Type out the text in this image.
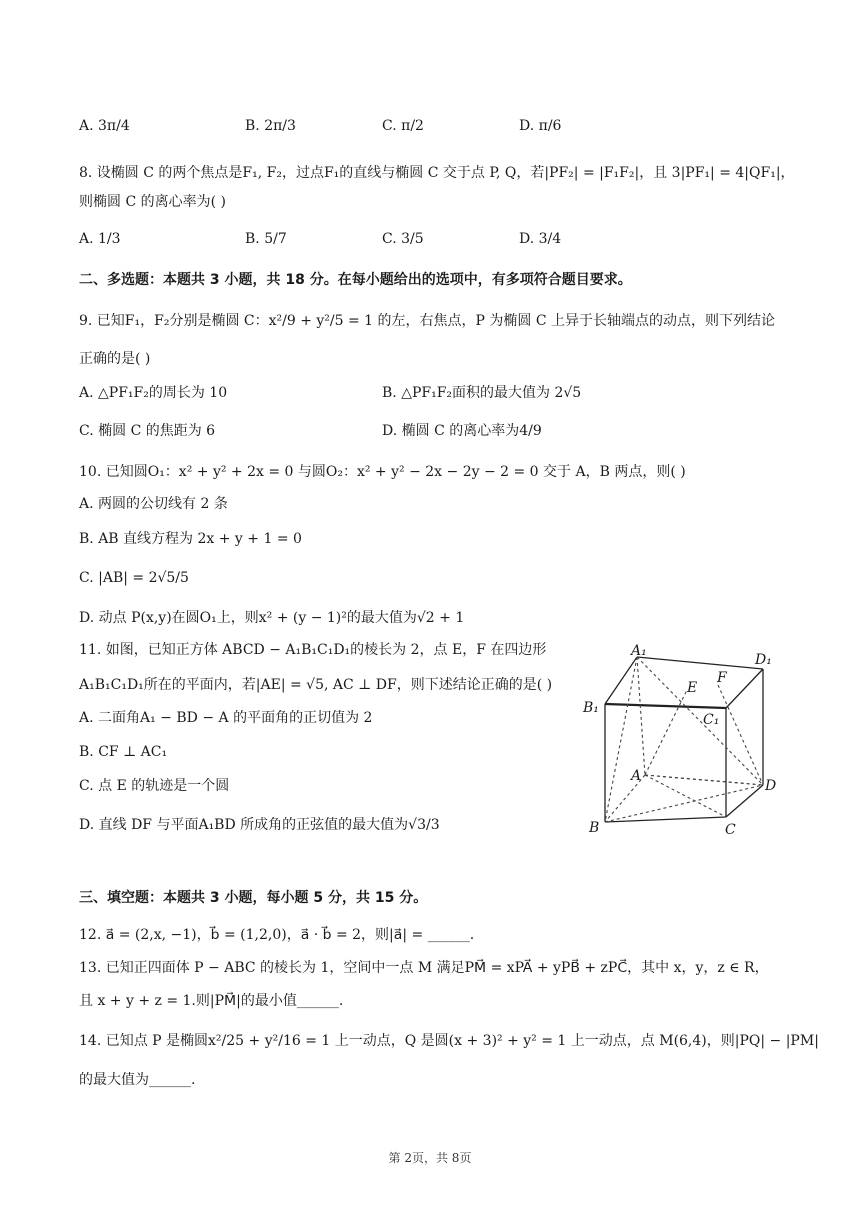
A. 3π/4	B. 2π/3	C. π/2	D. π/6
8. 设椭圆 C 的两个焦点是F₁, F₂，过点F₁的直线与椭圆 C 交于点 P, Q，若|PF₂| = |F₁F₂|，且 3|PF₁| = 4|QF₁|，
则椭圆 C 的离心率为( )
A. 1/3	B. 5/7	C. 3/5	D. 3/4
二、多选题：本题共 3 小题，共 18 分。在每小题给出的选项中，有多项符合题目要求。
9. 已知F₁，F₂分别是椭圆 C：x²/9 + y²/5 = 1 的左，右焦点，P 为椭圆 C 上异于长轴端点的动点，则下列结论
正确的是( )
A. △PF₁F₂的周长为 10	B. △PF₁F₂面积的最大值为 2√5
C. 椭圆 C 的焦距为 6	D. 椭圆 C 的离心率为4/9
10. 已知圆O₁：x² + y² + 2x = 0 与圆O₂：x² + y² − 2x − 2y − 2 = 0 交于 A，B 两点，则( )
A. 两圆的公切线有 2 条
B. AB 直线方程为 2x + y + 1 = 0
C. |AB| = 2√5/5
D. 动点 P(x,y)在圆O₁上，则x² + (y − 1)²的最大值为√2 + 1
11. 如图，已知正方体 ABCD − A₁B₁C₁D₁的棱长为 2，点 E，F 在四边形
A₁B₁C₁D₁所在的平面内，若|AE| = √5, AC ⊥ DF，则下述结论正确的是( )
A. 二面角A₁ − BD − A 的平面角的正切值为 2
B. CF ⊥ AC₁
C. 点 E 的轨迹是一个圆
D. 直线 DF 与平面A₁BD 所成角的正弦值的最大值为√3/3
A₁
D₁
B₁
C₁
E
F
A
D
B	C
三、填空题：本题共 3 小题，每小题 5 分，共 15 分。
12. a⃗ = (2,x, −1)，b⃗ = (1,2,0)，a⃗ · b⃗ = 2，则|a⃗| = ______.
13. 已知正四面体 P − ABC 的棱长为 1，空间中一点 M 满足PM⃗ = xPA⃗ + yPB⃗ + zPC⃗，其中 x，y，z ∈ R，
且 x + y + z = 1.则|PM⃗|的最小值______.
14. 已知点 P 是椭圆x²/25 + y²/16 = 1 上一动点，Q 是圆(x + 3)² + y² = 1 上一动点，点 M(6,4)，则|PQ| − |PM|
的最大值为______.
第 2页，共 8页
